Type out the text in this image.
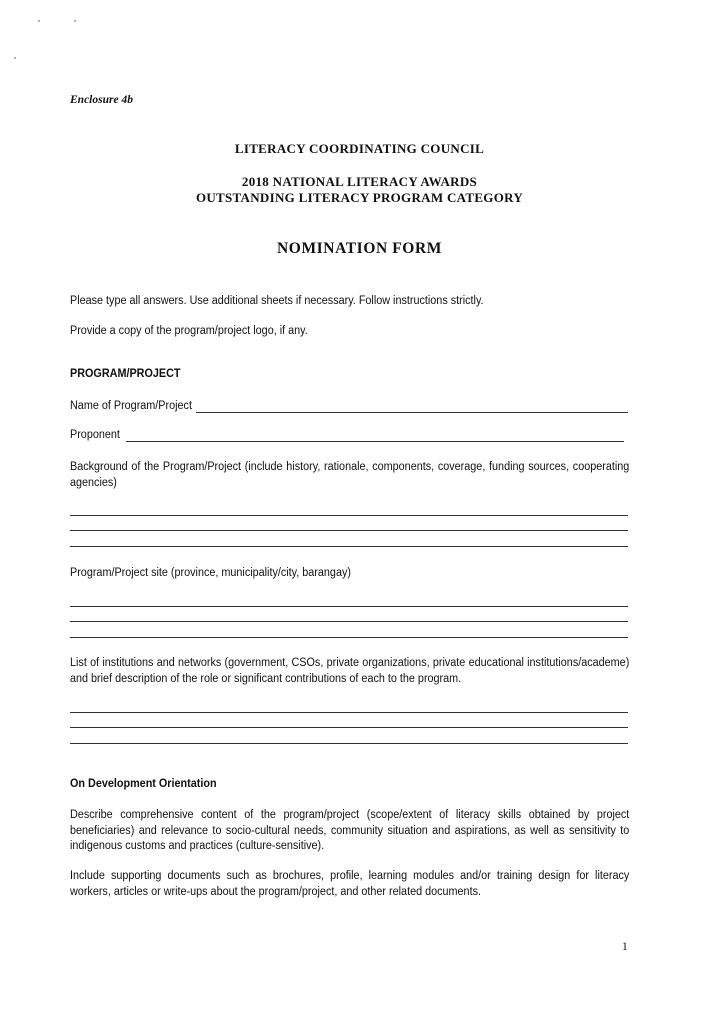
Enclosure 4b
LITERACY COORDINATING COUNCIL
2018 NATIONAL LITERACY AWARDS
OUTSTANDING LITERACY PROGRAM CATEGORY
NOMINATION FORM
Please type all answers. Use additional sheets if necessary. Follow instructions strictly.
Provide a copy of the program/project logo, if any.
PROGRAM/PROJECT
Name of Program/Project
Proponent
Background of the Program/Project (include history, rationale, components, coverage, funding sources, cooperating agencies)
Program/Project site (province, municipality/city, barangay)
List of institutions and networks (government, CSOs, private organizations, private educational institutions/academe) and brief description of the role or significant contributions of each to the program.
On Development Orientation
Describe comprehensive content of the program/project (scope/extent of literacy skills obtained by project beneficiaries) and relevance to socio-cultural needs, community situation and aspirations, as well as sensitivity to indigenous customs and practices (culture-sensitive).
Include supporting documents such as brochures, profile, learning modules and/or training design for literacy workers, articles or write-ups about the program/project, and other related documents.
1
